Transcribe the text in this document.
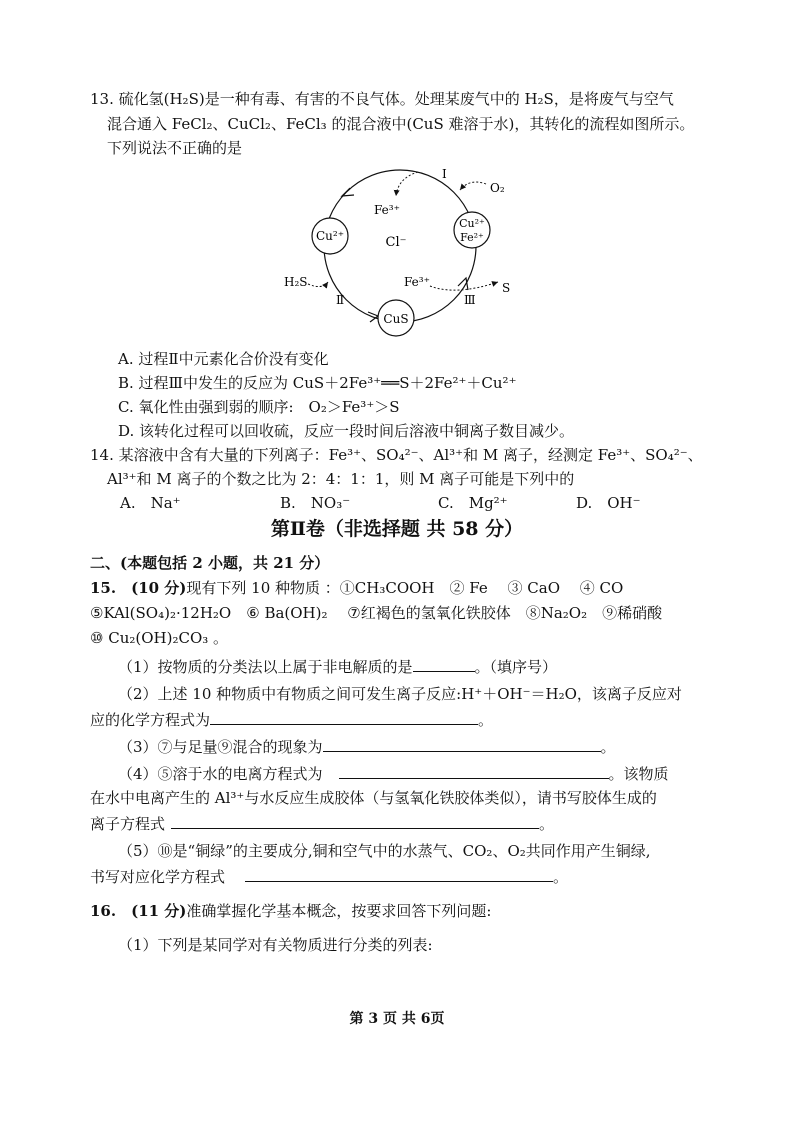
13. 硫化氢(H₂S)是一种有毒、有害的不良气体。处理某废气中的 H₂S，是将废气与空气
混合通入 FeCl₂、CuCl₂、FeCl₃ 的混合液中(CuS 难溶于水)，其转化的流程如图所示。
下列说法不正确的是
Cu²⁺
Cu²⁺
Fe²⁺
CuS
Cl⁻
Ⅰ
Ⅱ	Ⅲ
O₂
Fe³⁺
H₂S	Fe³⁺	S
A. 过程Ⅱ中元素化合价没有变化
B. 过程Ⅲ中发生的反应为 CuS＋2Fe³⁺══S＋2Fe²⁺＋Cu²⁺
C. 氧化性由强到弱的顺序:　O₂＞Fe³⁺＞S
D. 该转化过程可以回收硫，反应一段时间后溶液中铜离子数目减少。
14. 某溶液中含有大量的下列离子：Fe³⁺、SO₄²⁻、Al³⁺和 M 离子，经测定 Fe³⁺、SO₄²⁻、
Al³⁺和 M 离子的个数之比为 2：4：1：1，则 M 离子可能是下列中的
A.　Na⁺	B.　NO₃⁻	C.　Mg²⁺	D.　OH⁻
第Ⅱ卷（非选择题 共 58 分）
二、(本题包括 2 小题，共 21 分）
15.　(10 分)现有下列 10 种物质 ：①CH₃COOH　② Fe　 ③ CaO　 ④ CO
⑤KAl(SO₄)₂·12H₂O　⑥ Ba(OH)₂　 ⑦红褐色的氢氧化铁胶体　⑧Na₂O₂　⑨稀硝酸
⑩ Cu₂(OH)₂CO₃ 。
（1）按物质的分类法以上属于非电解质的是	。（填序号）
（2）上述 10 种物质中有物质之间可发生离子反应:H⁺＋OH⁻＝H₂O，该离子反应对
应的化学方程式为	。
（3）⑦与足量⑨混合的现象为	。
（4）⑤溶于水的电离方程式为	。该物质
在水中电离产生的 Al³⁺与水反应生成胶体（与氢氧化铁胶体类似），请书写胶体生成的
离子方程式	。
（5）⑩是“铜绿”的主要成分,铜和空气中的水蒸气、CO₂、O₂共同作用产生铜绿,
书写对应化学方程式	。
16.　(11 分)准确掌握化学基本概念，按要求回答下列问题:
（1）下列是某同学对有关物质进行分类的列表:
第 3 页 共 6页
